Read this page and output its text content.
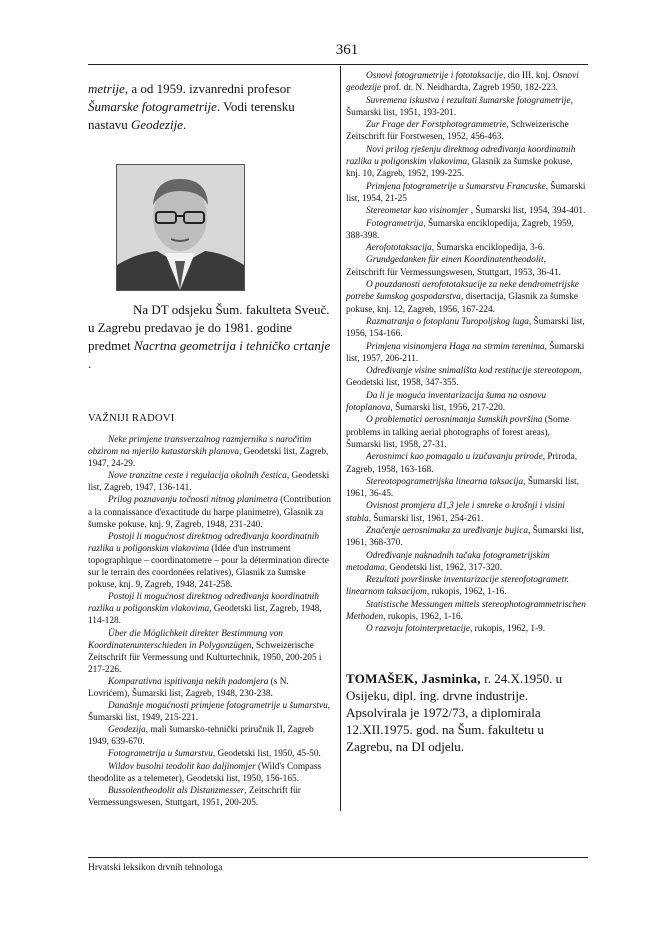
361

metrije, a od 1959. izvanredni profesor Šumarske fotogrametrije. Vodi terensku nastavu Geodezije.

Na DT odsjeku Šum. fakulteta Sveuč. u Zagrebu predavao je do 1981. godine predmet Nacrtna geometrija i tehničko crtanje .

VAŽNIJI RADOVI

Neke primjene transverzalnog razmjernika s naročitim obzirom na mjerilo katastarskih planova, Geodetski list, Zagreb, 1947, 24-29.

Nove tranzitne ceste i regulacija okolnih čestica, Geodetski list, Zagreb, 1947, 136-141.

Prilog poznavanju točnosti nitnog planimetra (Contribution a la connaissance d'exactitude du harpe planimetre), Glasnik za šumske pokuse, knj. 9, Zagreb, 1948, 231-240.

Postoji li mogućnost direktnog određivanja koordinatnih razlika u poligonskim vlakovima (Idée d'un instrument topographique – coordinatometre – pour la détermination directe sur le terrain des coordonées relatives), Glasnik za šumske pokuse, knj. 9, Zagreb, 1948, 241-258.

Postoji li mogućnost direktnog određivanja koordinatnih razlika u poligonskim vlakovima, Geodetski list, Zagreb, 1948, 114-128.

Über die Möglichkeit direkter Bestimmung von Koordinatenunterschieden in Polygonzügen, Schweizerische Zeitschrift für Vermessung und Kulturtechnik, 1950, 200-205 i 217-226.

Komparativna ispitivanja nekih padomjera (s N. Lovrićem), Šumarski list, Zagreb, 1948, 230-238.

Današnje mogućnosti primjene fotogrametrije u šumarstvu, Šumarski list, 1949, 215-221.

Geodezija, mali šumarsko-tehnički priručnik II, Zagreb 1949, 639-670.

Fotogrametrija u šumarstvu, Geodetski list, 1950, 45-50.

Wildov busolni teodolit kao daljinomjer (Wild's Compass theodolite as a telemeter), Geodetski list, 1950, 156-165.

Bussolentheodolit als Distanzmesser, Zeitschrift für Vermessungswesen, Stuttgart, 1951, 200-205.

Osnovi fotogrametrije i fototaksacije, dio III. knj. Osnovi geodezije prof. dr. N. Neidhardta, Zagreb 1950, 182-223.

Suvremena iskustva i rezultati šumarske fotogrametrije, Šumarski list, 1951, 193-201.

Zur Frage der Forstphotogrammetrie, Schweizerische Zeitschrift für Forstwesen, 1952, 456-463.

Novi prilog rješenju direktnog određivanja koordinatnih razlika u poligonskim vlakovima, Glasnik za šumske pokuse, knj. 10, Zagreb, 1952, 199-225.

Primjena fotogrametrije u šumarstvu Francuske, Šumarski list, 1954, 21-25

Stereometar kao visinomjer , Šumarski list, 1954, 394-401.

Fotogrametrija, Šumarska enciklopedija, Zagreb, 1959, 388-398.

Aerofototaksacija, Šumarska enciklopedija, 3-6.

Grundgedanken für einen Koordinatentheodolit, Zeitschrift für Vermessungswesen, Stuttgart, 1953, 36-41.

O pouzdanosti aerofototaksacije za neke dendrometrijske potrebe šumskog gospodarstva, disertacija, Glasnik za šumske pokuse, knj. 12, Zagreb, 1956, 167-224.

Razmatranja o fotoplanu Turopoljskog luga, Šumarski list, 1956, 154-166.

Primjena visinomjera Haga na strmim terenima, Šumarski list, 1957, 206-211.

Određivanje visine snimališta kod restitucije stereotopom, Geodetski list, 1958, 347-355.

Da li je moguća inventarizacija šuma na osnovu fotoplanova, Šumarski list, 1956, 217-220.

O problematici aerosnimanja šumskih površina (Some problems in talking aerial photographs of forest areas), Šumarski list, 1958, 27-31.

Aerosnimci kao pomagalo u izučavanju prirode, Priroda, Zagreb, 1958, 163-168.

Stereotopogrametrijska linearna taksacija, Šumarski list, 1961, 36-45.

Ovisnost promjera d1,3 jele i smreke o krošnji i visini stabla, Šumarski list, 1961, 254-261.

Značenje aerosnimaka za uređivanje bujica, Šumarski list, 1961, 368-370.

Određivanje naknadnih tačaka fotogrametrijskim metodama, Geodetski list, 1962, 317-320.

Rezultati površinske inventarizacije stereofotogrametr. linearnom taksacijom, rukopis, 1962, 1-16.

Statistische Messungen mittels stereophotogrammetrischen Methoden, rukopis, 1962, 1-16.

O razvoju fotointerpretacije, rukopis, 1962, 1-9.

TOMAŠEK, Jasminka, r. 24.X.1950. u Osijeku, dipl. ing. drvne industrije. Apsolvirala je 1972/73, a diplomirala 12.XII.1975. god. na Šum. fakultetu u Zagrebu, na DI odjelu.
Hrvatski leksikon drvnih tehnologa
